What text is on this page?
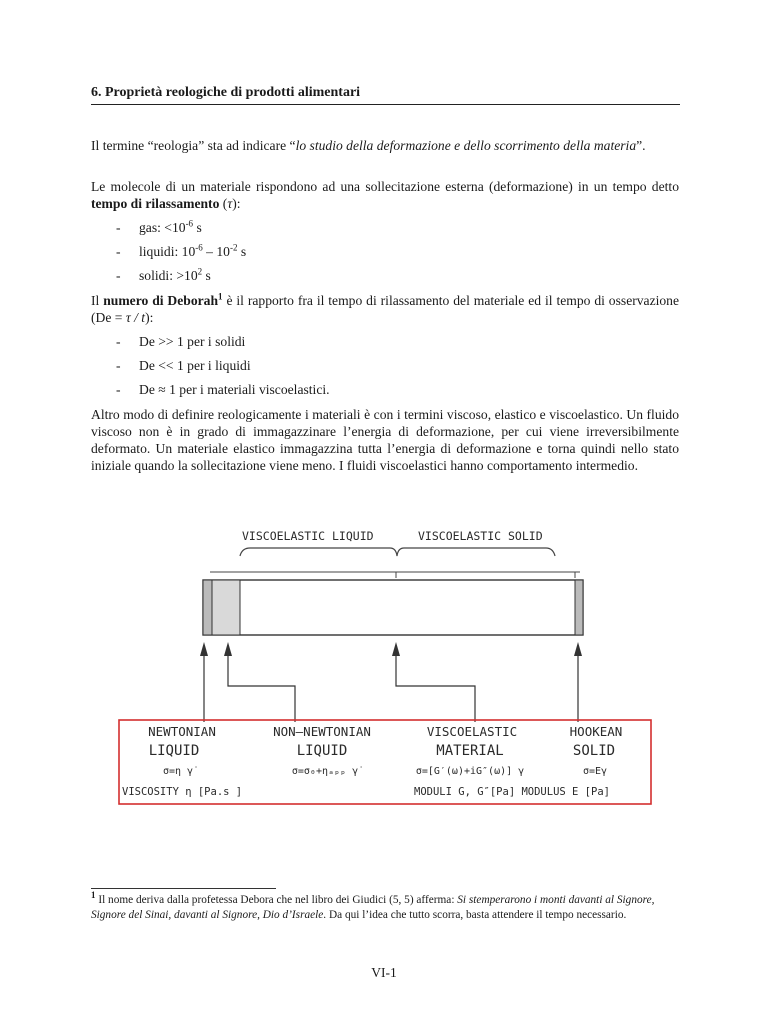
6. Proprietà reologiche di prodotti alimentari

Il termine “reologia” sta ad indicare “lo studio della deformazione e dello scorrimento della materia”.

Le molecole di un materiale rispondono ad una sollecitazione esterna (deformazione) in un tempo detto tempo di rilassamento (τ):

- gas: $<10^{-6}$ s
- liquidi: $10^{-6} - 10^{-2}$ s
- solidi: $>10^2$ s

Il numero di Deborah$^1$ è il rapporto fra il tempo di rilassamento del materiale ed il tempo di osservazione (De = τ / t):

- De >> 1 per i solidi
- De << 1 per i liquidi
- De ≈ 1 per i materiali viscoelastici.

Altro modo di definire reologicamente i materiali è con i termini viscoso, elastico e viscoelastico. Un fluido viscoso non è in grado di immagazzinare l’energia di deformazione, per cui viene irreversibilmente deformato. Un materiale elastico immagazzina tutta l’energia di deformazione e torna quindi nello stato iniziale quando la sollecitazione viene meno. I fluidi viscoelastici hanno comportamento intermedio.

VISCOELASTIC LIQUID	VISCOELASTIC SOLID
NEWTONIAN
LIQUID
σ=η γ̇
NON—NEWTONIAN
LIQUID
σ=σ₀+ηₐₚₚ γ̇
VISCOELASTIC
MATERIAL
σ=[G′(ω)+iG″(ω)] γ
HOOKEAN
SOLID
σ=Eγ
VISCOSITY η [Pa.s ]	MODULI G, G″[Pa] MODULUS E [Pa]

$^1$ Il nome deriva dalla profetessa Debora che nel libro dei Giudici (5, 5) afferma: Si stemperarono i monti davanti al Signore, Signore del Sinai, davanti al Signore, Dio d’Israele. Da qui l’idea che tutto scorra, basta attendere il tempo necessario.

VI-1
